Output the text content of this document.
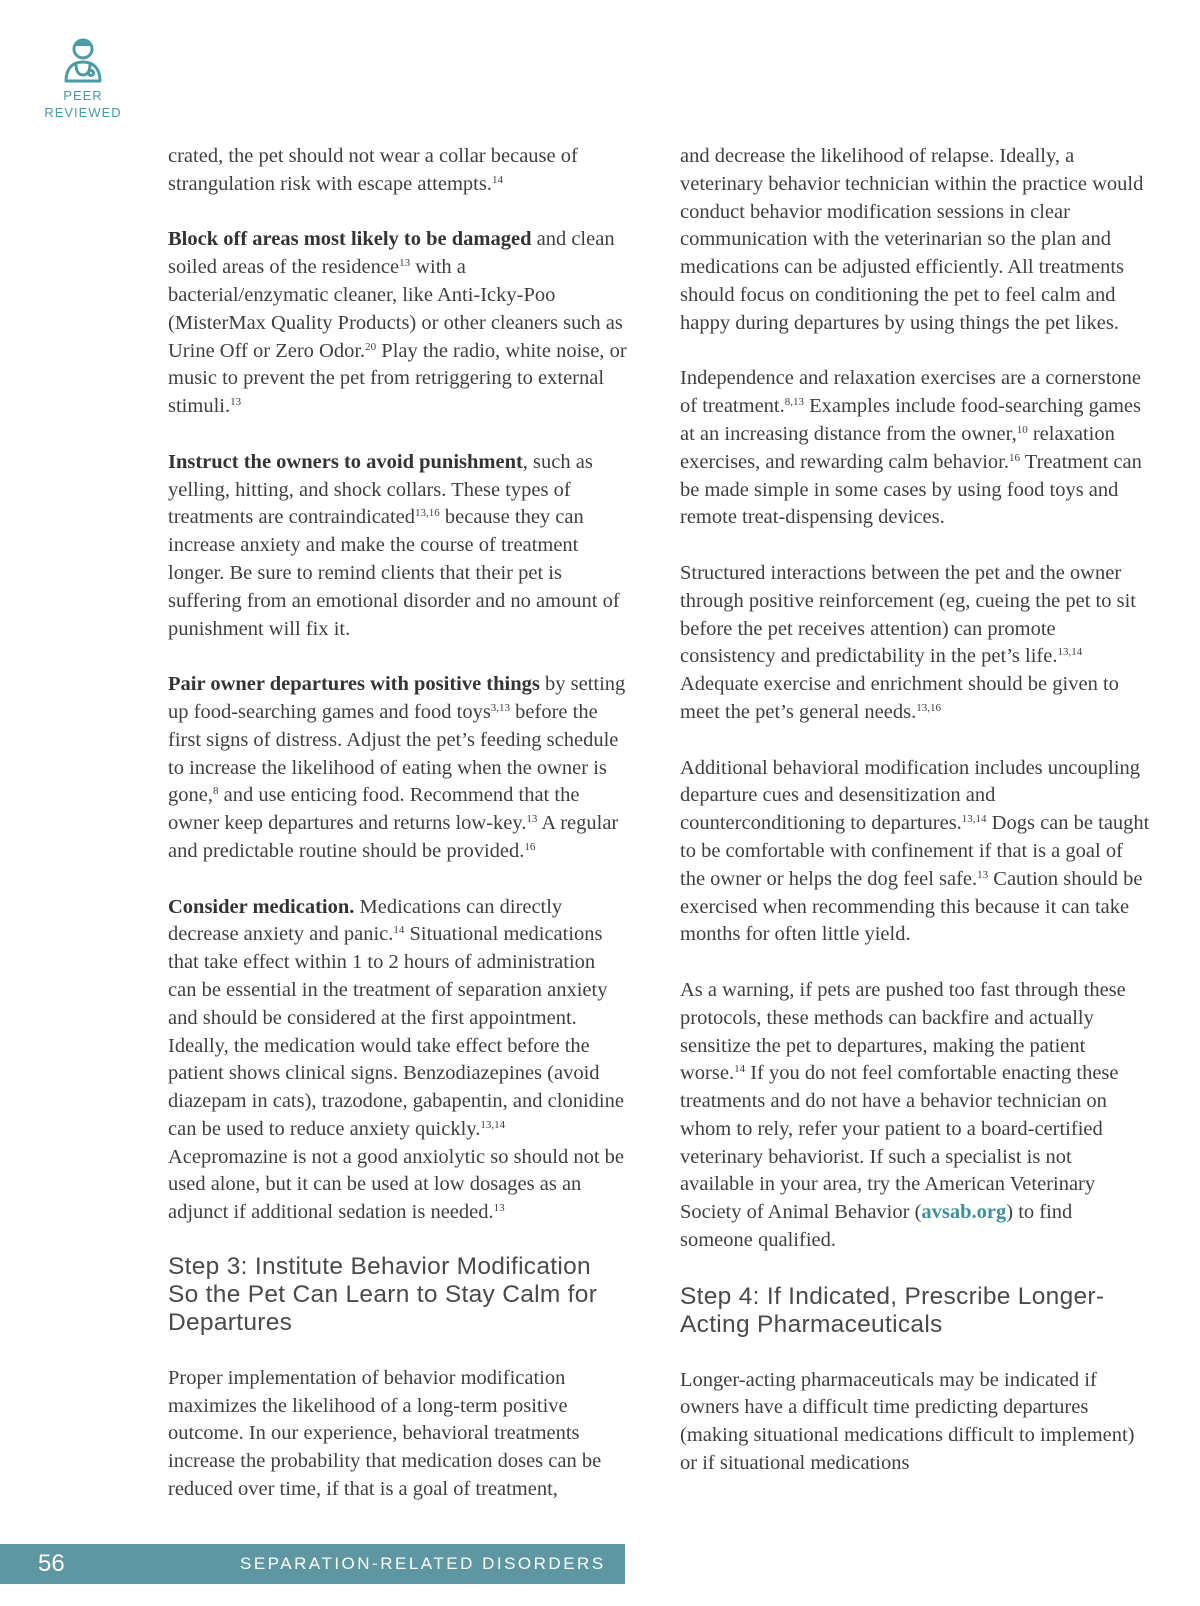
PEER
REVIEWED

crated, the pet should not wear a collar because of strangulation risk with escape attempts.$^{14}$

Block off areas most likely to be damaged and clean soiled areas of the residence$^{13}$ with a bacterial/enzymatic cleaner, like Anti-Icky-Poo (MisterMax Quality Products) or other cleaners such as Urine Off or Zero Odor.$^{20}$ Play the radio, white noise, or music to prevent the pet from retriggering to external stimuli.$^{13}$

Instruct the owners to avoid punishment, such as yelling, hitting, and shock collars. These types of treatments are contraindicated$^{13,16}$ because they can increase anxiety and make the course of treatment longer. Be sure to remind clients that their pet is suffering from an emotional disorder and no amount of punishment will fix it.

Pair owner departures with positive things by setting up food-searching games and food toys$^{3,13}$ before the first signs of distress. Adjust the pet’s feeding schedule to increase the likelihood of eating when the owner is gone,$^8$ and use enticing food. Recommend that the owner keep departures and returns low-key.$^{13}$ A regular and predictable routine should be provided.$^{16}$

Consider medication. Medications can directly decrease anxiety and panic.$^{14}$ Situational medications that take effect within 1 to 2 hours of administration can be essential in the treatment of separation anxiety and should be considered at the first appointment. Ideally, the medication would take effect before the patient shows clinical signs. Benzodiazepines (avoid diazepam in cats), trazodone, gabapentin, and clonidine can be used to reduce anxiety quickly.$^{13,14}$ Acepromazine is not a good anxiolytic so should not be used alone, but it can be used at low dosages as an adjunct if additional sedation is needed.$^{13}$

Step 3: Institute Behavior Modification So the Pet Can Learn to Stay Calm for Departures

Proper implementation of behavior modification maximizes the likelihood of a long-term positive outcome. In our experience, behavioral treatments increase the probability that medication doses can be reduced over time, if that is a goal of treatment,

and decrease the likelihood of relapse. Ideally, a veterinary behavior technician within the practice would conduct behavior modification sessions in clear communication with the veterinarian so the plan and medications can be adjusted efficiently. All treatments should focus on conditioning the pet to feel calm and happy during departures by using things the pet likes.

Independence and relaxation exercises are a cornerstone of treatment.$^{8,13}$ Examples include food-searching games at an increasing distance from the owner,$^{10}$ relaxation exercises, and rewarding calm behavior.$^{16}$ Treatment can be made simple in some cases by using food toys and remote treat-dispensing devices.

Structured interactions between the pet and the owner through positive reinforcement (eg, cueing the pet to sit before the pet receives attention) can promote consistency and predictability in the pet’s life.$^{13,14}$ Adequate exercise and enrichment should be given to meet the pet’s general needs.$^{13,16}$

Additional behavioral modification includes uncoupling departure cues and desensitization and counterconditioning to departures.$^{13,14}$ Dogs can be taught to be comfortable with confinement if that is a goal of the owner or helps the dog feel safe.$^{13}$ Caution should be exercised when recommending this because it can take months for often little yield.

As a warning, if pets are pushed too fast through these protocols, these methods can backfire and actually sensitize the pet to departures, making the patient worse.$^{14}$ If you do not feel comfortable enacting these treatments and do not have a behavior technician on whom to rely, refer your patient to a board-certified veterinary behaviorist. If such a specialist is not available in your area, try the American Veterinary Society of Animal Behavior (avsab.org) to find someone qualified.

Step 4: If Indicated, Prescribe Longer-Acting Pharmaceuticals

Longer-acting pharmaceuticals may be indicated if owners have a difficult time predicting departures (making situational medications difficult to implement) or if situational medications

56	SEPARATION-RELATED DISORDERS
